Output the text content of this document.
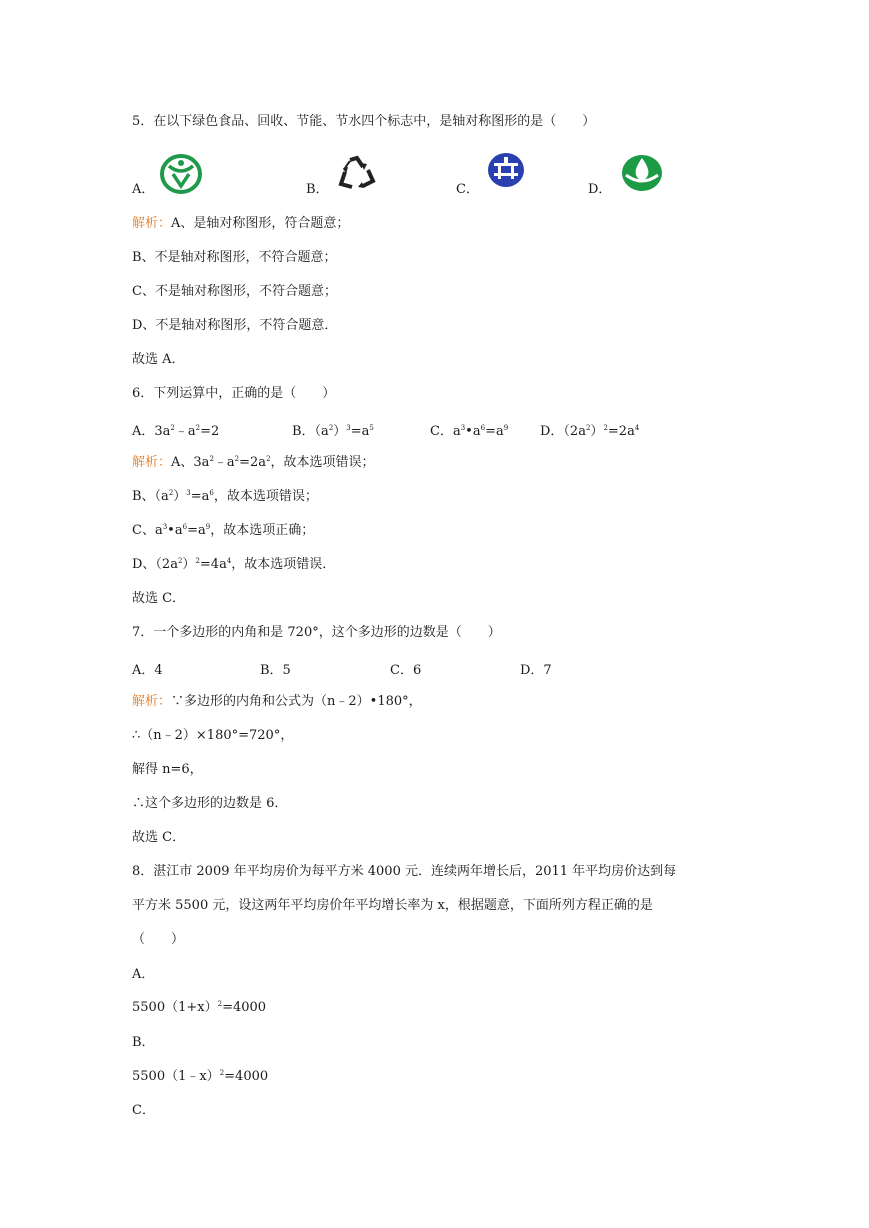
5．在以下绿色食品、回收、节能、节水四个标志中，是轴对称图形的是（　　）
A．	B．	C．	D．
解析：A、是轴对称图形，符合题意；
B、不是轴对称图形，不符合题意；
C、不是轴对称图形，不符合题意；
D、不是轴对称图形，不符合题意．
故选 A．
6．下列运算中，正确的是（　　）
A．$3a^2﹣a^2=2$	B．$(a^2)^3=a^5$	C．$a^3•a^6=a^9$ D．$(2a^2)^2=2a^4$
解析：A、$3a^2﹣a^2=2a^2$，故本选项错误；
B、$(a^2)^3=a^6$，故本选项错误；
C、$a^3•a^6=a^9$，故本选项正确；
D、$(2a^2)^2=4a^4$，故本选项错误．
故选 C．
7．一个多边形的内角和是 720°，这个多边形的边数是（　　）
A．4	B．5	C．6	D．7
解析：∵多边形的内角和公式为（n﹣2）•180°，
∴（n﹣2）×180°=720°，
解得 n=6，
∴这个多边形的边数是 6．
故选 C．
8．湛江市 2009 年平均房价为每平方米 4000 元．连续两年增长后，2011 年平均房价达到每
平方米 5500 元，设这两年平均房价年平均增长率为 x，根据题意，下面所列方程正确的是
（　　）
A．
$5500(1+x)^2=4000$
B．
5500（1﹣x）$^2$=4000
C．
